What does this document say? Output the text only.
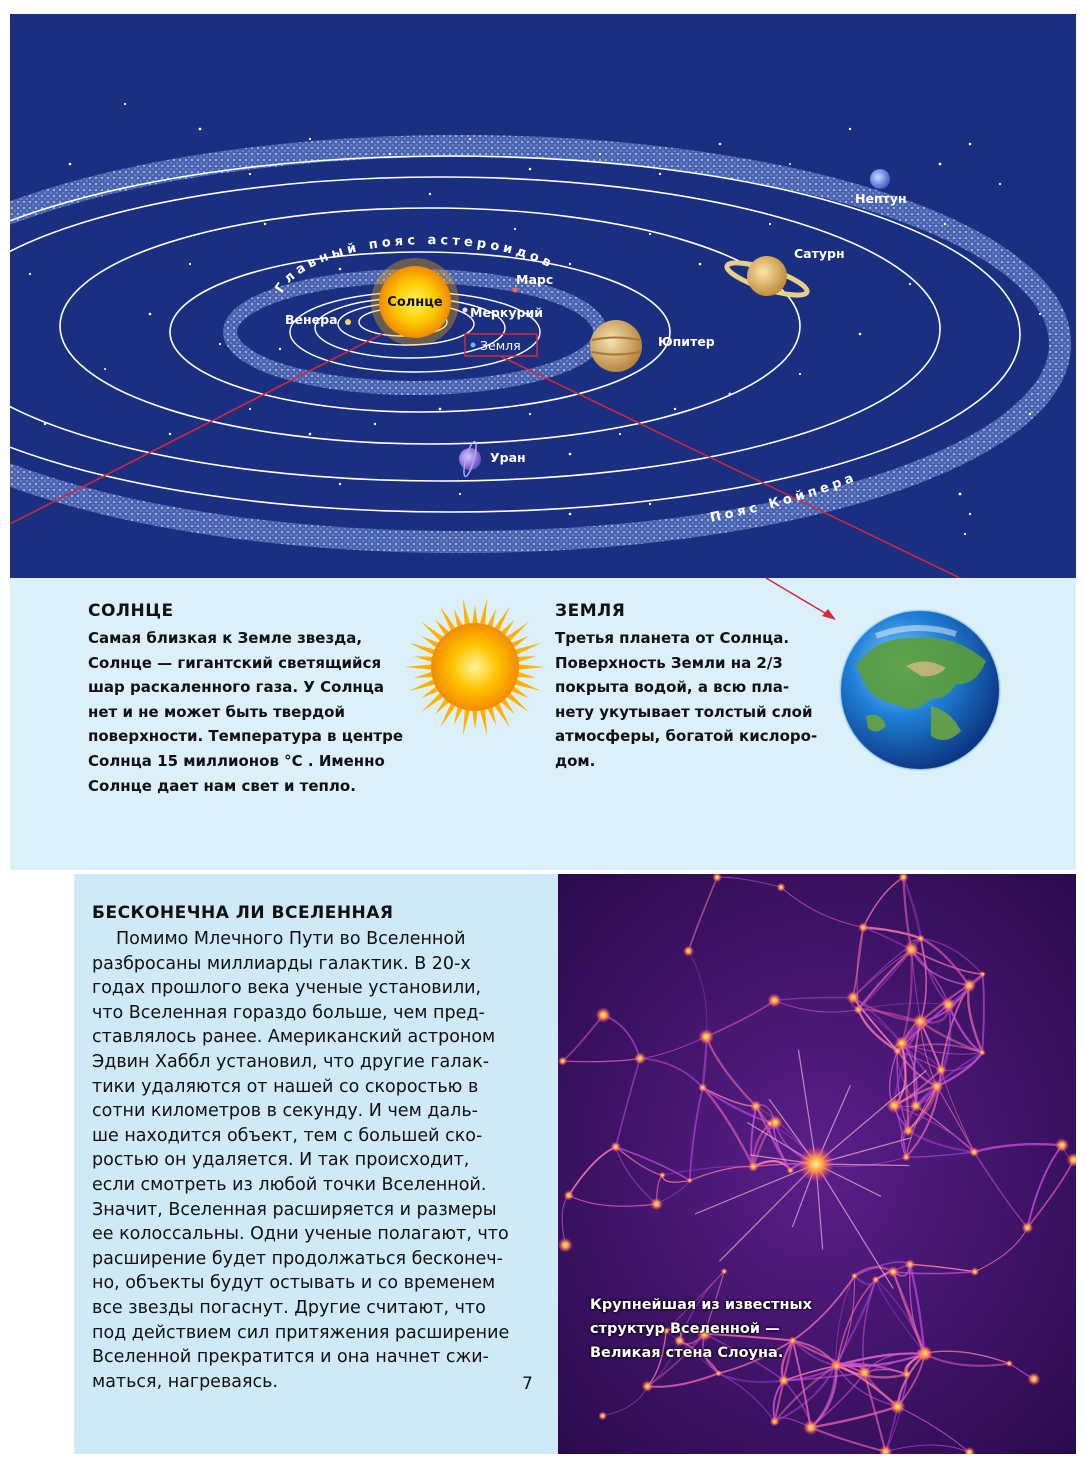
Солнце
Венера	Меркурий
Земля
Марс
Юпитер
Сатурн
Уран
Нептун
Главный пояс астероидов
Пояс Койпера
СОЛНЦЕ
Самая близкая к Земле звезда,
Солнце — гигантский светящийся
шар раскаленного газа. У Солнца
нет и не может быть твердой
поверхности. Температура в центре
Солнца 15 миллионов °С . Именно
Солнце дает нам свет и тепло.
ЗЕМЛЯ
Третья планета от Солнца.
Поверхность Земли на 2/3
покрыта водой, а всю пла-
нету укутывает толстый слой
атмосферы, богатой кислоро-
дом.
БЕСКОНЕЧНА ЛИ ВСЕЛЕННАЯ
Помимо Млечного Пути во Вселенной
разбросаны миллиарды галактик. В 20-х
годах прошлого века ученые установили,
что Вселенная гораздо больше, чем пред-
ставлялось ранее. Американский астроном
Эдвин Хаббл установил, что другие галак-
тики удаляются от нашей со скоростью в
сотни километров в секунду. И чем даль-
ше находится объект, тем с большей ско-
ростью он удаляется. И так происходит,
если смотреть из любой точки Вселенной.
Значит, Вселенная расширяется и размеры
ее колоссальны. Одни ученые полагают, что
расширение будет продолжаться бесконеч-
но, объекты будут остывать и со временем
все звезды погаснут. Другие считают, что
под действием сил притяжения расширение
Вселенной прекратится и она начнет сжи-
маться, нагреваясь.	7
Крупнейшая из известных
структур Вселенной —
Великая стена Слоуна.
